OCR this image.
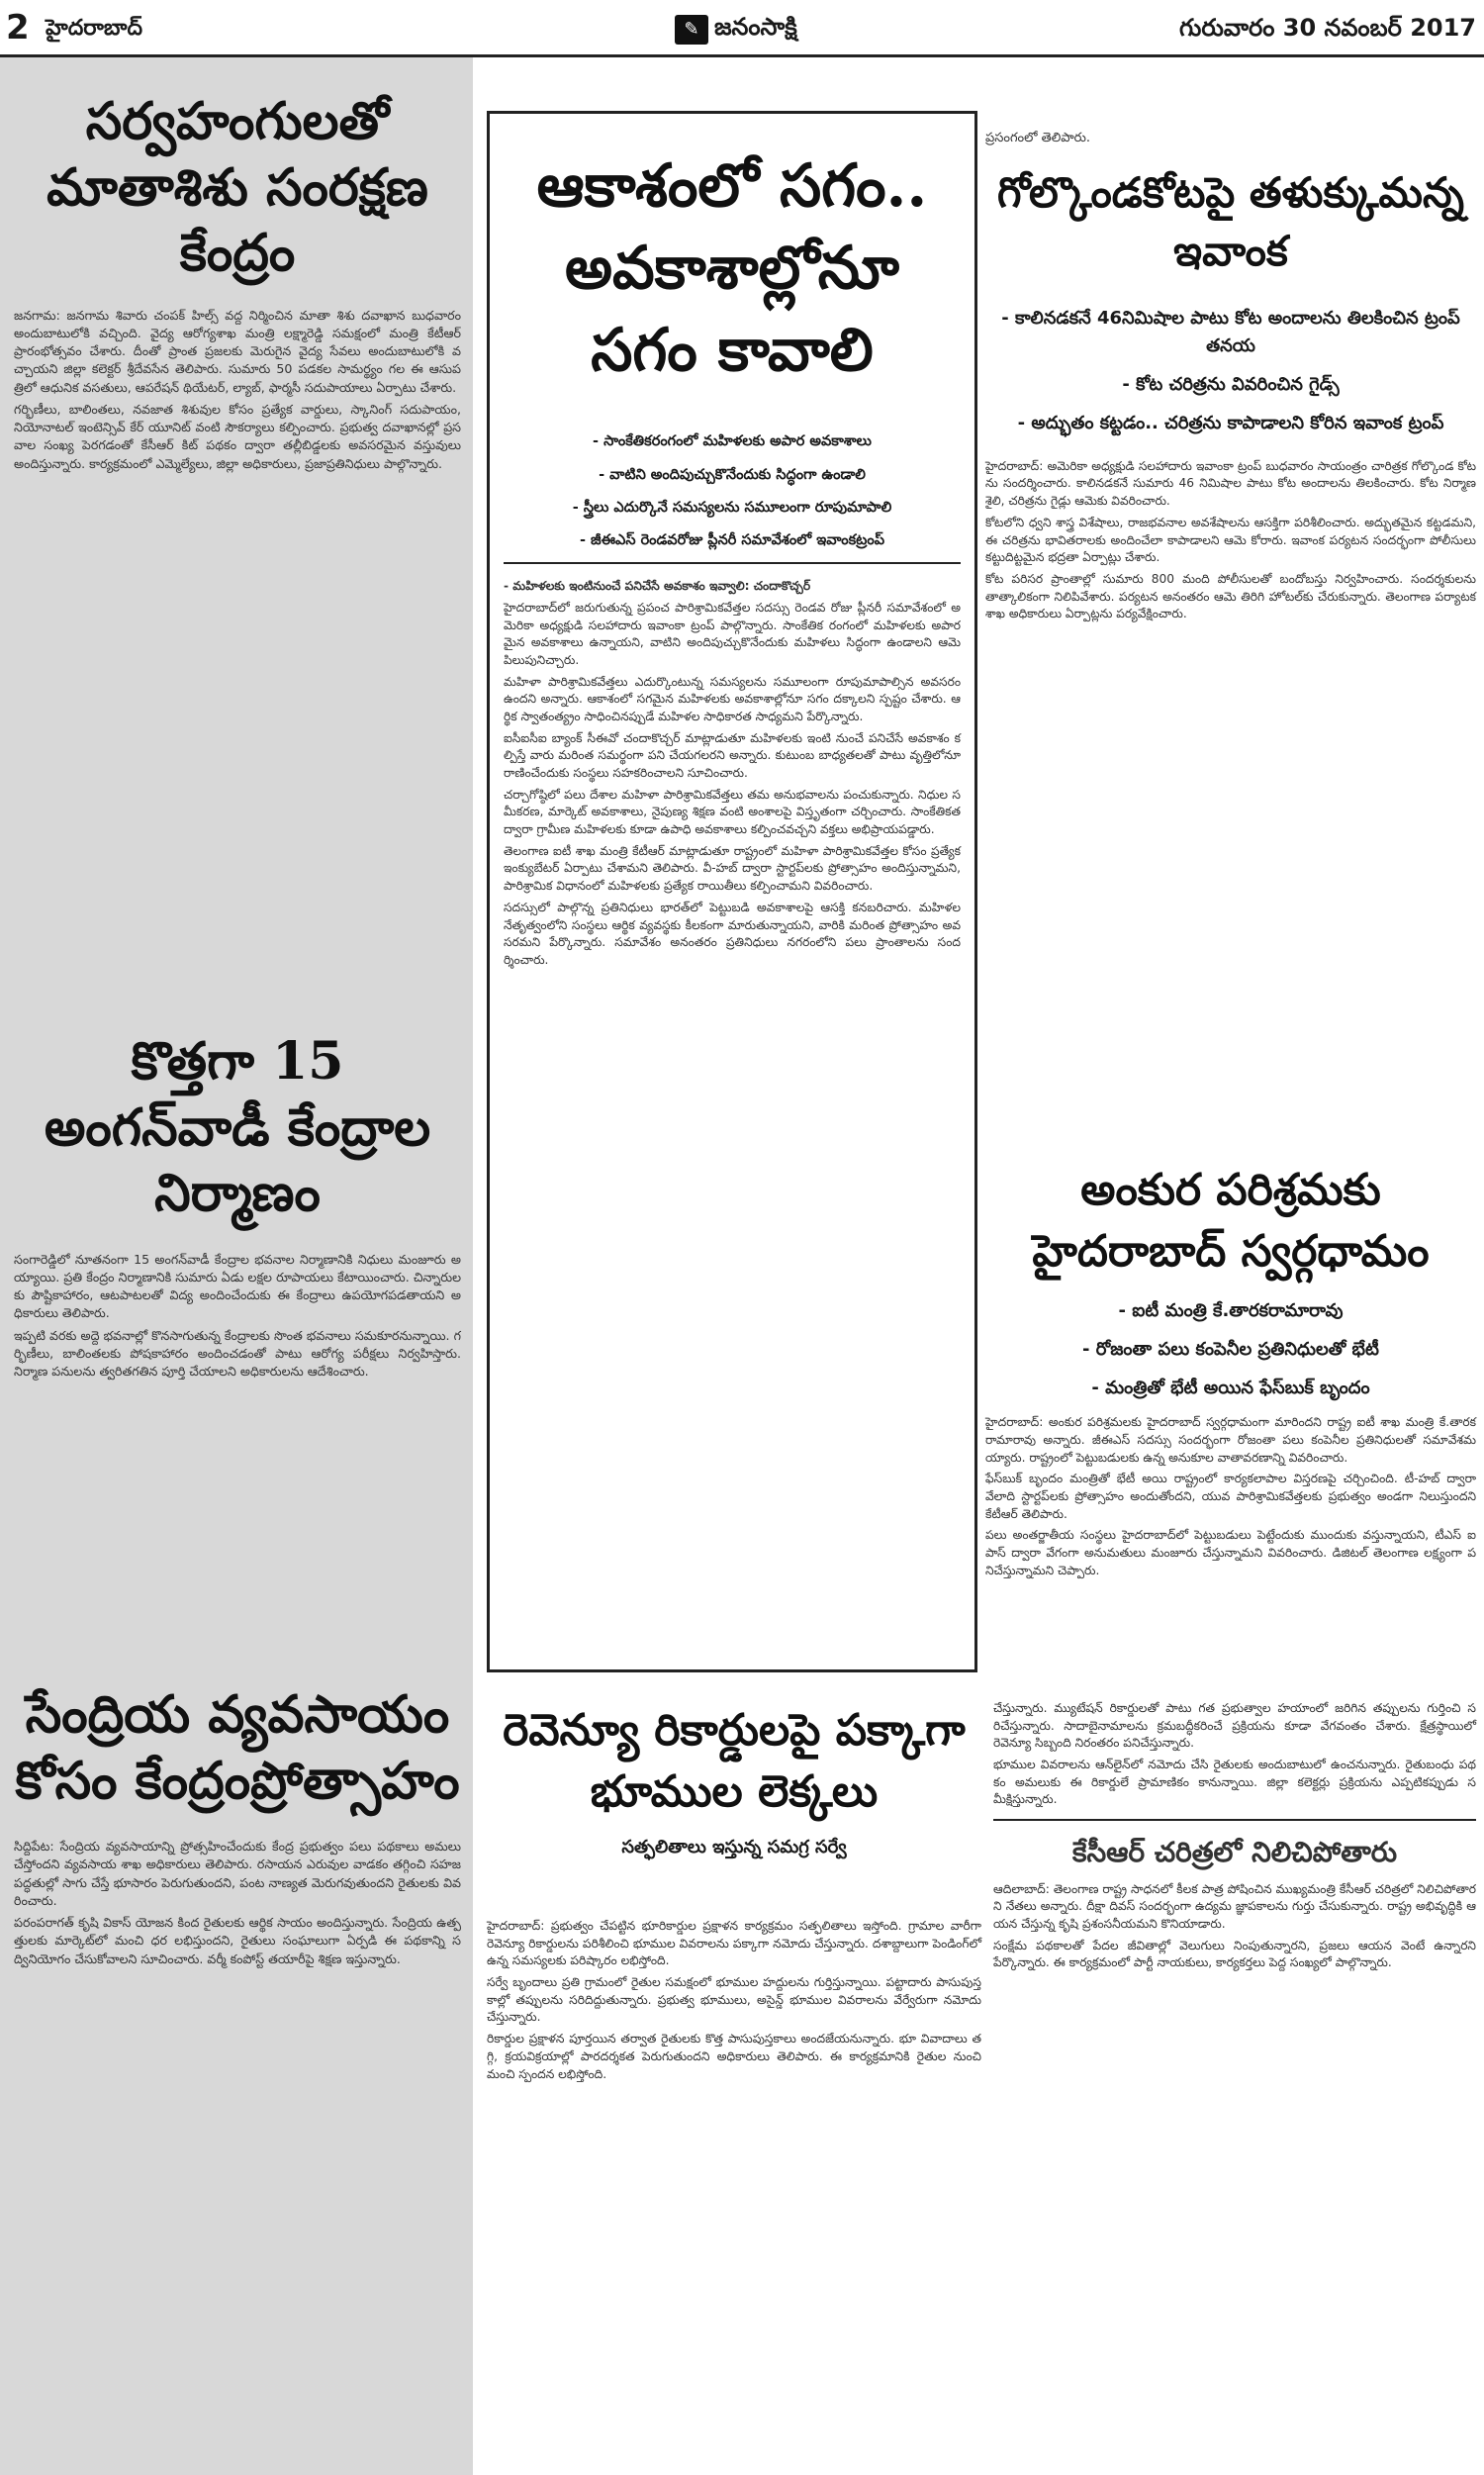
2 హైదరాబాద్	✎ జనంసాక్షి	గురువారం 30 నవంబర్ 2017
సర్వహంగులతో మాతాశిశు సంరక్షణ కేంద్రం

జనగామ: జనగామ శివారు చంపక్ హిల్స్ వద్ద నిర్మించిన మాతా శిశు దవాఖాన బుధవారం అందుబాటులోకి వచ్చింది. వైద్య ఆరోగ్యశాఖ మంత్రి లక్ష్మారెడ్డి సమక్షంలో మంత్రి కేటీఆర్ ప్రారంభోత్సవం చేశారు. దీంతో ప్రాంత ప్రజలకు మెరుగైన వైద్య సేవలు అందుబాటులోకి వచ్చాయని జిల్లా కలెక్టర్ శ్రీదేవసేన తెలిపారు. సుమారు 50 పడకల సామర్థ్యం గల ఈ ఆసుపత్రిలో ఆధునిక వసతులు, ఆపరేషన్ థియేటర్, ల్యాబ్, ఫార్మసీ సదుపాయాలు ఏర్పాటు చేశారు.

గర్భిణీలు, బాలింతలు, నవజాత శిశువుల కోసం ప్రత్యేక వార్డులు, స్కానింగ్ సదుపాయం, నియోనాటల్ ఇంటెన్సివ్ కేర్ యూనిట్ వంటి సౌకర్యాలు కల్పించారు. ప్రభుత్వ దవాఖానల్లో ప్రసవాల సంఖ్య పెరగడంతో కేసీఆర్ కిట్ పథకం ద్వారా తల్లీబిడ్డలకు అవసరమైన వస్తువులు అందిస్తున్నారు. కార్యక్రమంలో ఎమ్మెల్యేలు, జిల్లా అధికారులు, ప్రజాప్రతినిధులు పాల్గొన్నారు.

కొత్తగా 15 అంగన్‌వాడీ కేంద్రాల నిర్మాణం

సంగారెడ్డిలో నూతనంగా 15 అంగన్‌వాడీ కేంద్రాల భవనాల నిర్మాణానికి నిధులు మంజూరు అయ్యాయి. ప్రతి కేంద్రం నిర్మాణానికి సుమారు ఏడు లక్షల రూపాయలు కేటాయించారు. చిన్నారులకు పౌష్టికాహారం, ఆటపాటలతో విద్య అందించేందుకు ఈ కేంద్రాలు ఉపయోగపడతాయని అధికారులు తెలిపారు.

ఇప్పటి వరకు అద్దె భవనాల్లో కొనసాగుతున్న కేంద్రాలకు సొంత భవనాలు సమకూరనున్నాయి. గర్భిణీలు, బాలింతలకు పోషకాహారం అందించడంతో పాటు ఆరోగ్య పరీక్షలు నిర్వహిస్తారు. నిర్మాణ పనులను త్వరితగతిన పూర్తి చేయాలని అధికారులను ఆదేశించారు.

సేంద్రియ వ్యవసాయం కోసం కేంద్రంప్రోత్సాహం

సిద్దిపేట: సేంద్రియ వ్యవసాయాన్ని ప్రోత్సహించేందుకు కేంద్ర ప్రభుత్వం పలు పథకాలు అమలు చేస్తోందని వ్యవసాయ శాఖ అధికారులు తెలిపారు. రసాయన ఎరువుల వాడకం తగ్గించి సహజ పద్ధతుల్లో సాగు చేస్తే భూసారం పెరుగుతుందని, పంట నాణ్యత మెరుగవుతుందని రైతులకు వివరించారు.

పరంపరాగత్ కృషి వికాస్ యోజన కింద రైతులకు ఆర్థిక సాయం అందిస్తున్నారు. సేంద్రియ ఉత్పత్తులకు మార్కెట్‌లో మంచి ధర లభిస్తుందని, రైతులు సంఘాలుగా ఏర్పడి ఈ పథకాన్ని సద్వినియోగం చేసుకోవాలని సూచించారు. వర్మీ కంపోస్ట్ తయారీపై శిక్షణ ఇస్తున్నారు.

ఆకాశంలో సగం.. అవకాశాల్లోనూ సగం కావాలి

- సాంకేతికరంగంలో మహిళలకు అపార అవకాశాలు

- వాటిని అందిపుచ్చుకొనేందుకు సిద్ధంగా ఉండాలి

- స్త్రీలు ఎదుర్కొనే సమస్యలను సమూలంగా రూపుమాపాలి

- జీఈఎస్ రెండవరోజు ప్లీనరీ సమావేశంలో ఇవాంకట్రంప్

- మహిళలకు ఇంటినుంచే పనిచేసే అవకాశం ఇవ్వాలి: చందాకొచ్చర్

హైదరాబాద్‌లో జరుగుతున్న ప్రపంచ పారిశ్రామికవేత్తల సదస్సు రెండవ రోజు ప్లీనరీ సమావేశంలో అమెరికా అధ్యక్షుడి సలహాదారు ఇవాంకా ట్రంప్ పాల్గొన్నారు. సాంకేతిక రంగంలో మహిళలకు అపారమైన అవకాశాలు ఉన్నాయని, వాటిని అందిపుచ్చుకొనేందుకు మహిళలు సిద్ధంగా ఉండాలని ఆమె పిలుపునిచ్చారు.

మహిళా పారిశ్రామికవేత్తలు ఎదుర్కొంటున్న సమస్యలను సమూలంగా రూపుమాపాల్సిన అవసరం ఉందని అన్నారు. ఆకాశంలో సగమైన మహిళలకు అవకాశాల్లోనూ సగం దక్కాలని స్పష్టం చేశారు. ఆర్థిక స్వాతంత్య్రం సాధించినప్పుడే మహిళల సాధికారత సాధ్యమని పేర్కొన్నారు.

ఐసీఐసీఐ బ్యాంక్ సీఈవో చందాకొచ్చర్ మాట్లాడుతూ మహిళలకు ఇంటి నుంచే పనిచేసే అవకాశం కల్పిస్తే వారు మరింత సమర్థంగా పని చేయగలరని అన్నారు. కుటుంబ బాధ్యతలతో పాటు వృత్తిలోనూ రాణించేందుకు సంస్థలు సహకరించాలని సూచించారు.

చర్చాగోష్ఠిలో పలు దేశాల మహిళా పారిశ్రామికవేత్తలు తమ అనుభవాలను పంచుకున్నారు. నిధుల సమీకరణ, మార్కెట్ అవకాశాలు, నైపుణ్య శిక్షణ వంటి అంశాలపై విస్తృతంగా చర్చించారు. సాంకేతికత ద్వారా గ్రామీణ మహిళలకు కూడా ఉపాధి అవకాశాలు కల్పించవచ్చని వక్తలు అభిప్రాయపడ్డారు.

తెలంగాణ ఐటీ శాఖ మంత్రి కేటీఆర్ మాట్లాడుతూ రాష్ట్రంలో మహిళా పారిశ్రామికవేత్తల కోసం ప్రత్యేక ఇంక్యుబేటర్ ఏర్పాటు చేశామని తెలిపారు. వీ-హబ్ ద్వారా స్టార్టప్‌లకు ప్రోత్సాహం అందిస్తున్నామని, పారిశ్రామిక విధానంలో మహిళలకు ప్రత్యేక రాయితీలు కల్పించామని వివరించారు.

సదస్సులో పాల్గొన్న ప్రతినిధులు భారత్‌లో పెట్టుబడి అవకాశాలపై ఆసక్తి కనబరిచారు. మహిళల నేతృత్వంలోని సంస్థలు ఆర్థిక వ్యవస్థకు కీలకంగా మారుతున్నాయని, వారికి మరింత ప్రోత్సాహం అవసరమని పేర్కొన్నారు. సమావేశం అనంతరం ప్రతినిధులు నగరంలోని పలు ప్రాంతాలను సందర్శించారు.

ప్రసంగంలో తెలిపారు.
గోల్కొండకోటపై తళుక్కుమన్న ఇవాంక

- కాలినడకనే 46నిమిషాల పాటు కోట అందాలను తిలకించిన ట్రంప్ తనయ

- కోట చరిత్రను వివరించిన గైడ్స్

- అద్భుతం కట్టడం.. చరిత్రను కాపాడాలని కోరిన ఇవాంక ట్రంప్

హైదరాబాద్: అమెరికా అధ్యక్షుడి సలహాదారు ఇవాంకా ట్రంప్ బుధవారం సాయంత్రం చారిత్రక గోల్కొండ కోటను సందర్శించారు. కాలినడకనే సుమారు 46 నిమిషాల పాటు కోట అందాలను తిలకించారు. కోట నిర్మాణ శైలి, చరిత్రను గైడ్లు ఆమెకు వివరించారు.

కోటలోని ధ్వని శాస్త్ర విశేషాలు, రాజభవనాల అవశేషాలను ఆసక్తిగా పరిశీలించారు. అద్భుతమైన కట్టడమని, ఈ చరిత్రను భావితరాలకు అందించేలా కాపాడాలని ఆమె కోరారు. ఇవాంక పర్యటన సందర్భంగా పోలీసులు కట్టుదిట్టమైన భద్రతా ఏర్పాట్లు చేశారు.

కోట పరిసర ప్రాంతాల్లో సుమారు 800 మంది పోలీసులతో బందోబస్తు నిర్వహించారు. సందర్శకులను తాత్కాలికంగా నిలిపివేశారు. పర్యటన అనంతరం ఆమె తిరిగి హోటల్‌కు చేరుకున్నారు. తెలంగాణ పర్యాటక శాఖ అధికారులు ఏర్పాట్లను పర్యవేక్షించారు.

అంకుర పరిశ్రమకు హైదరాబాద్ స్వర్గధామం

- ఐటీ మంత్రి కే.తారకరామారావు

- రోజంతా పలు కంపెనీల ప్రతినిధులతో భేటీ

- మంత్రితో భేటీ అయిన ఫేస్‌బుక్ బృందం

హైదరాబాద్: అంకుర పరిశ్రమలకు హైదరాబాద్ స్వర్గధామంగా మారిందని రాష్ట్ర ఐటీ శాఖ మంత్రి కే.తారకరామారావు అన్నారు. జీఈఎస్ సదస్సు సందర్భంగా రోజంతా పలు కంపెనీల ప్రతినిధులతో సమావేశమయ్యారు. రాష్ట్రంలో పెట్టుబడులకు ఉన్న అనుకూల వాతావరణాన్ని వివరించారు.

ఫేస్‌బుక్ బృందం మంత్రితో భేటీ అయి రాష్ట్రంలో కార్యకలాపాల విస్తరణపై చర్చించింది. టీ-హబ్ ద్వారా వేలాది స్టార్టప్‌లకు ప్రోత్సాహం అందుతోందని, యువ పారిశ్రామికవేత్తలకు ప్రభుత్వం అండగా నిలుస్తుందని కేటీఆర్ తెలిపారు.

పలు అంతర్జాతీయ సంస్థలు హైదరాబాద్‌లో పెట్టుబడులు పెట్టేందుకు ముందుకు వస్తున్నాయని, టీఎస్ ఐపాస్ ద్వారా వేగంగా అనుమతులు మంజూరు చేస్తున్నామని వివరించారు. డిజిటల్ తెలంగాణ లక్ష్యంగా పనిచేస్తున్నామని చెప్పారు.

రెవెన్యూ రికార్డులపై పక్కాగా భూముల లెక్కలు
సత్ఫలితాలు ఇస్తున్న సమగ్ర సర్వే

హైదరాబాద్: ప్రభుత్వం చేపట్టిన భూరికార్డుల ప్రక్షాళన కార్యక్రమం సత్ఫలితాలు ఇస్తోంది. గ్రామాల వారీగా రెవెన్యూ రికార్డులను పరిశీలించి భూముల వివరాలను పక్కాగా నమోదు చేస్తున్నారు. దశాబ్దాలుగా పెండింగ్‌లో ఉన్న సమస్యలకు పరిష్కారం లభిస్తోంది.

సర్వే బృందాలు ప్రతి గ్రామంలో రైతుల సమక్షంలో భూముల హద్దులను గుర్తిస్తున్నాయి. పట్టాదారు పాసుపుస్తకాల్లో తప్పులను సరిదిద్దుతున్నారు. ప్రభుత్వ భూములు, అసైన్డ్ భూముల వివరాలను వేర్వేరుగా నమోదు చేస్తున్నారు.

రికార్డుల ప్రక్షాళన పూర్తయిన తర్వాత రైతులకు కొత్త పాసుపుస్తకాలు అందజేయనున్నారు. భూ వివాదాలు తగ్గి, క్రయవిక్రయాల్లో పారదర్శకత పెరుగుతుందని అధికారులు తెలిపారు. ఈ కార్యక్రమానికి రైతుల నుంచి మంచి స్పందన లభిస్తోంది.

చేస్తున్నారు. మ్యుటేషన్ రికార్డులతో పాటు గత ప్రభుత్వాల హయాంలో జరిగిన తప్పులను గుర్తించి సరిచేస్తున్నారు. సాదాబైనామాలను క్రమబద్ధీకరించే ప్రక్రియను కూడా వేగవంతం చేశారు. క్షేత్రస్థాయిలో రెవెన్యూ సిబ్బంది నిరంతరం పనిచేస్తున్నారు.

భూముల వివరాలను ఆన్‌లైన్‌లో నమోదు చేసి రైతులకు అందుబాటులో ఉంచనున్నారు. రైతుబంధు పథకం అమలుకు ఈ రికార్డులే ప్రామాణికం కానున్నాయి. జిల్లా కలెక్టర్లు ప్రక్రియను ఎప్పటికప్పుడు సమీక్షిస్తున్నారు.

కేసీఆర్ చరిత్రలో నిలిచిపోతారు

ఆదిలాబాద్: తెలంగాణ రాష్ట్ర సాధనలో కీలక పాత్ర పోషించిన ముఖ్యమంత్రి కేసీఆర్ చరిత్రలో నిలిచిపోతారని నేతలు అన్నారు. దీక్షా దివస్ సందర్భంగా ఉద్యమ జ్ఞాపకాలను గుర్తు చేసుకున్నారు. రాష్ట్ర అభివృద్ధికి ఆయన చేస్తున్న కృషి ప్రశంసనీయమని కొనియాడారు.

సంక్షేమ పథకాలతో పేదల జీవితాల్లో వెలుగులు నింపుతున్నారని, ప్రజలు ఆయన వెంటే ఉన్నారని పేర్కొన్నారు. ఈ కార్యక్రమంలో పార్టీ నాయకులు, కార్యకర్తలు పెద్ద సంఖ్యలో పాల్గొన్నారు.
